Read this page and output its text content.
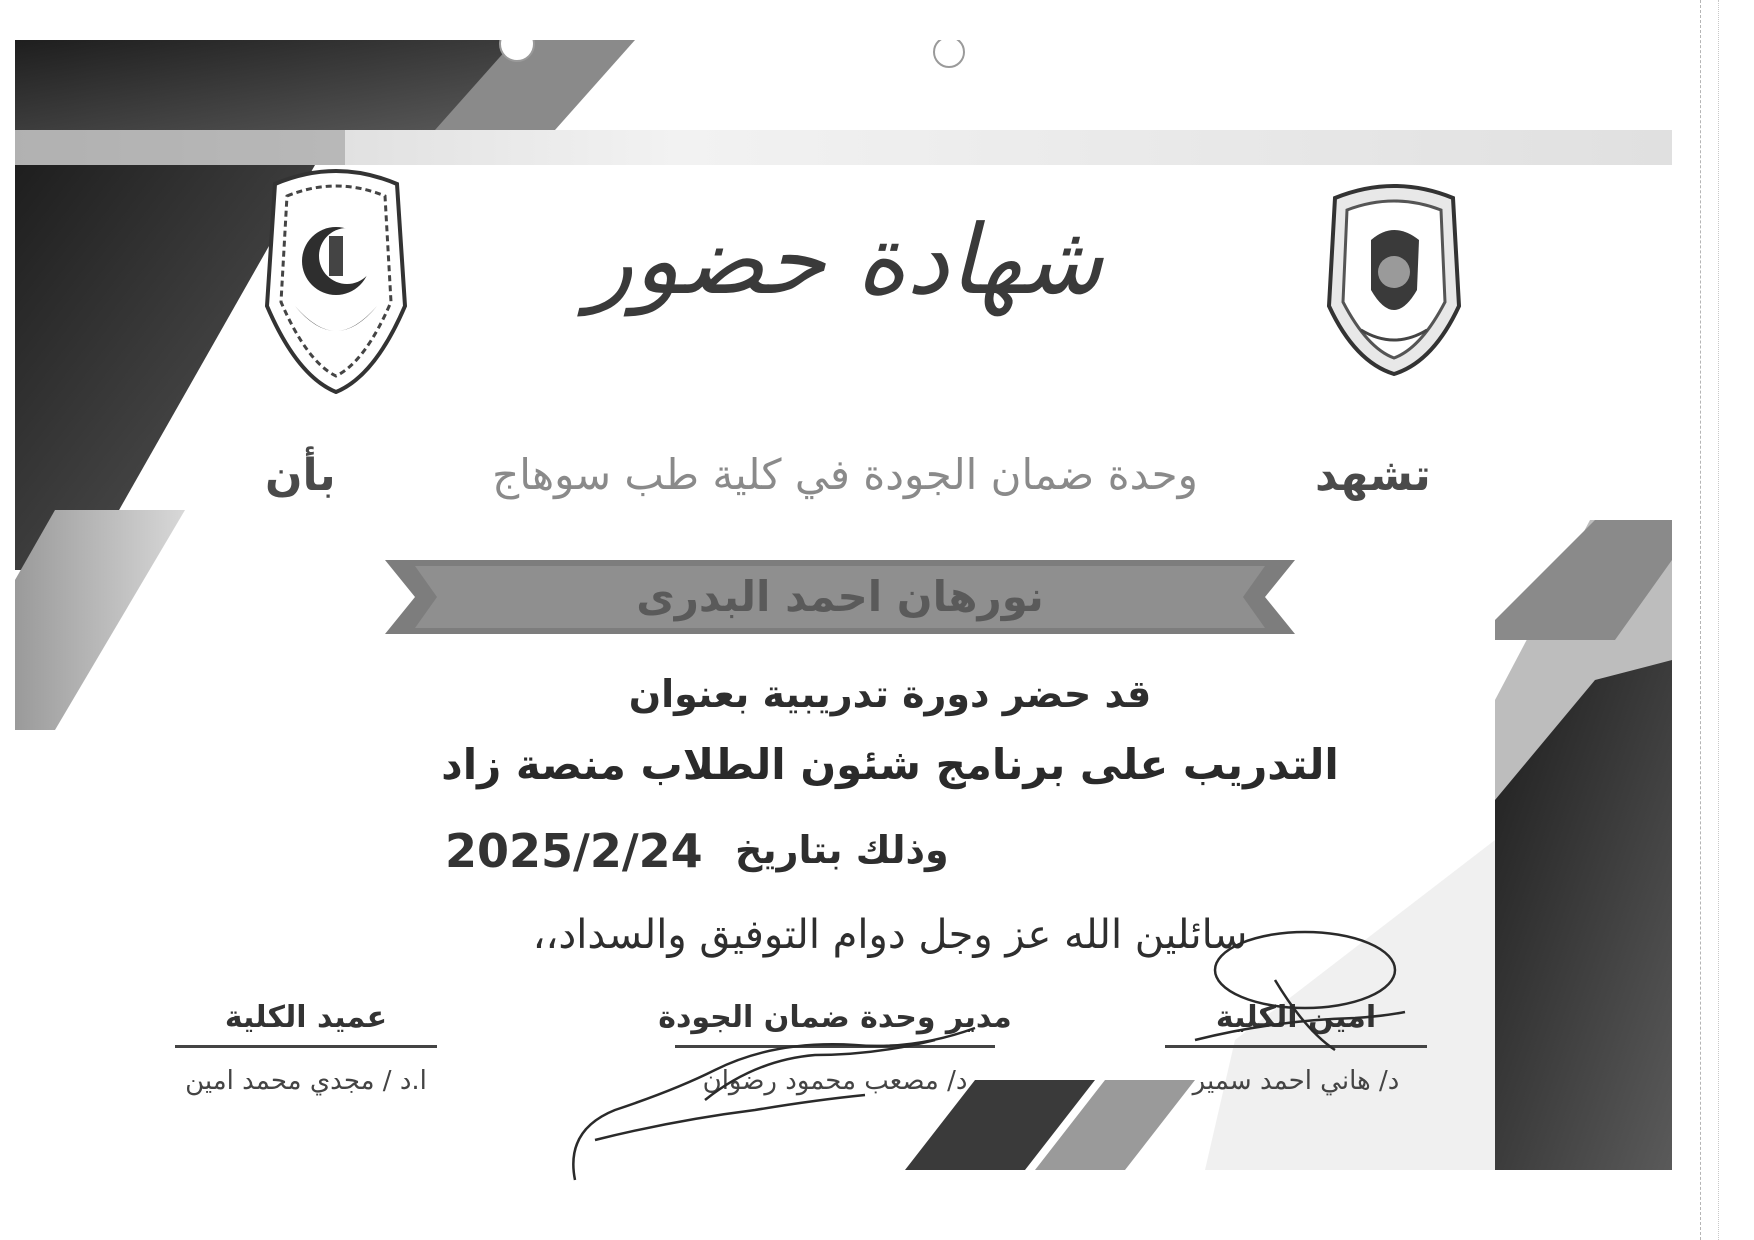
شهادة حضور
تشهد
وحدة ضمان الجودة في كلية طب سوهاج
بأن
نورهان احمد البدرى
قد حضر دورة تدريبية بعنوان
التدريب على برنامج شئون الطلاب منصة زاد
وذلك بتاريخ
2025/2/24
سائلين الله عز وجل دوام التوفيق والسداد،،
عميد الكلية
ا.د / مجدي محمد امين
مدير وحدة ضمان الجودة
د/ مصعب محمود رضوان
امين الكلية
د/ هاني احمد سمير
